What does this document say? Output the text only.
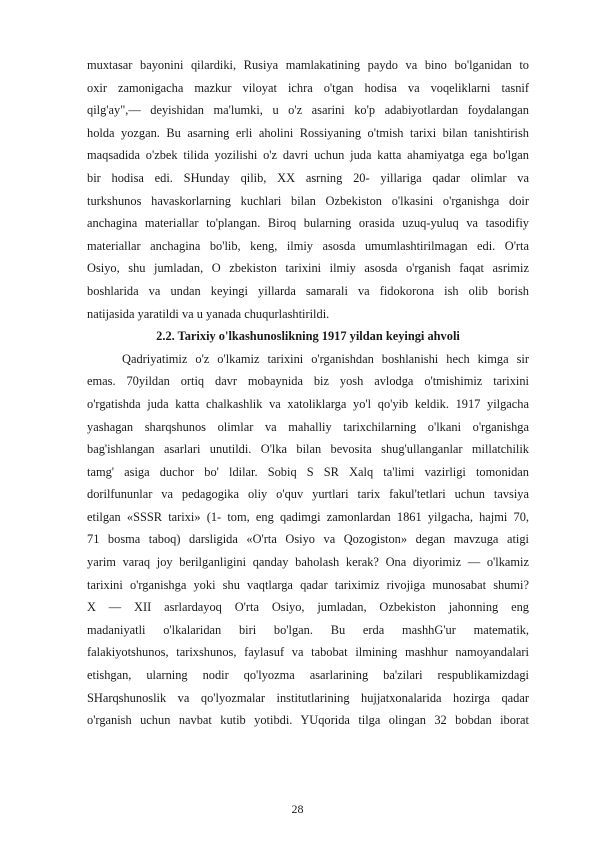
muxtasar bayonini qilardiki, Rusiya mamlakatining paydo va bino bo'lganidan to
oxir zamonigacha mazkur viloyat ichra o'tgan hodisa va voqeliklarni tasnif
qilg'ay",— deyishidan ma'lumki, u o'z asarini ko'p adabiyotlardan foydalangan
holda yozgan. Bu asarning erli aholini Rossiyaning o'tmish tarixi bilan tanishtirish
maqsadida o'zbek tilida yozilishi o'z davri uchun juda katta ahamiyatga ega bo'lgan
bir hodisa edi. SHunday qilib, XX asrning 20- yillariga qadar olimlar va
turkshunos havaskorlarning kuchlari bilan Ozbekiston o'lkasini o'rganishga doir
anchagina materiallar to'plangan. Biroq bularning orasida uzuq-yuluq va tasodifiy
materiallar anchagina bo'lib, keng, ilmiy asosda umumlashtirilmagan edi. O'rta
Osiyo, shu jumladan, O zbekiston tarixini ilmiy asosda o'rganish faqat asrimiz
boshlarida va undan keyingi yillarda samarali va fidokorona ish olib borish
natijasida yaratildi va u yanada chuqurlashtirildi.
2.2. Tarixiy o'lkashunoslikning 1917 yildan keyingi ahvoli
Qadriyatimiz o'z o'lkamiz tarixini o'rganishdan boshlanishi hech kimga sir
emas. 70yildan ortiq davr mobaynida biz yosh avlodga o'tmishimiz tarixini
o'rgatishda juda katta chalkashlik va xatoliklarga yo'l qo'yib keldik. 1917 yilgacha
yashagan sharqshunos olimlar va mahalliy tarixchilarning o'lkani o'rganishga
bag'ishlangan asarlari unutildi. O'lka bilan bevosita shug'ullanganlar millatchilik
tamg' asiga duchor bo' ldilar. Sobiq S SR Xalq ta'limi vazirligi tomonidan
dorilfununlar va pedagogika oliy o'quv yurtlari tarix fakul'tetlari uchun tavsiya
etilgan «SSSR tarixi» (1- tom, eng qadimgi zamonlardan 1861 yilgacha, hajmi 70,
71 bosma taboq) darsligida «O'rta Osiyo va Qozogiston» degan mavzuga atigi
yarim varaq joy berilganligini qanday baholash kerak? Ona diyorimiz — o'lkamiz
tarixini o'rganishga yoki shu vaqtlarga qadar tariximiz rivojiga munosabat shumi?
X — XII asrlardayoq O'rta Osiyo, jumladan, Ozbekiston jahonning eng
madaniyatli o'lkalaridan biri bo'lgan. Bu erda mashhG'ur matematik,
falakiyotshunos, tarixshunos, faylasuf va tabobat ilmining mashhur namoyandalari
etishgan, ularning nodir qo'lyozma asarlarining ba'zilari respublikamizdagi
SHarqshunoslik va qo'lyozmalar institutlarining hujjatxonalarida hozirga qadar
o'rganish uchun navbat kutib yotibdi. YUqorida tilga olingan 32 bobdan iborat
28
